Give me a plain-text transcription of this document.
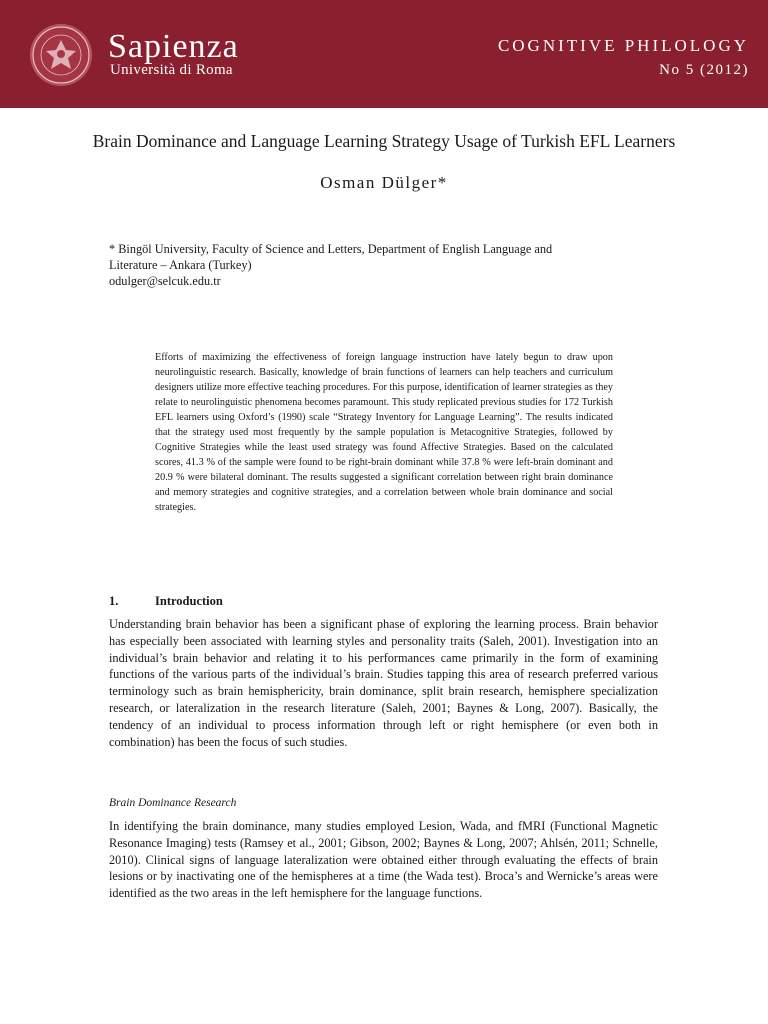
Sapienza
Università di Roma
COGNITIVE PHILOLOGY
No 5 (2012)
Brain Dominance and Language Learning Strategy Usage of Turkish EFL Learners
Osman Dülger*
* Bingöl University, Faculty of Science and Letters, Department of English Language and
Literature – Ankara (Turkey)
odulger@selcuk.edu.tr
Efforts of maximizing the effectiveness of foreign language instruction have lately begun to draw upon neurolinguistic research. Basically, knowledge of brain functions of learners can help teachers and curriculum designers utilize more effective teaching procedures. For this purpose, identification of learner strategies as they relate to neurolinguistic phenomena becomes paramount. This study replicated previous studies for 172 Turkish EFL learners using Oxford’s (1990) scale “Strategy Inventory for Language Learning”. The results indicated that the strategy used most frequently by the sample population is Metacognitive Strategies, followed by Cognitive Strategies while the least used strategy was found Affective Strategies. Based on the calculated scores, 41.3 % of the sample were found to be right-brain dominant while 37.8 % were left-brain dominant and 20.9 % were bilateral dominant. The results suggested a significant correlation between right brain dominance and memory strategies and cognitive strategies, and a correlation between whole brain dominance and social strategies.
1.	Introduction
Understanding brain behavior has been a significant phase of exploring the learning process. Brain behavior has especially been associated with learning styles and personality traits (Saleh, 2001). Investigation into an individual’s brain behavior and relating it to his performances came primarily in the form of examining functions of the various parts of the individual’s brain. Studies tapping this area of research preferred various terminology such as brain hemisphericity, brain dominance, split brain research, hemisphere specialization research, or lateralization in the research literature (Saleh, 2001; Baynes & Long, 2007). Basically, the tendency of an individual to process information through left or right hemisphere (or even both in combination) has been the focus of such studies.
Brain Dominance Research
In identifying the brain dominance, many studies employed Lesion, Wada, and fMRI (Functional Magnetic Resonance Imaging) tests (Ramsey et al., 2001; Gibson, 2002; Baynes & Long, 2007; Ahlsén, 2011; Schnelle, 2010). Clinical signs of language lateralization were obtained either through evaluating the effects of brain lesions or by inactivating one of the hemispheres at a time (the Wada test). Broca’s and Wernicke’s areas were identified as the two areas in the left hemisphere for the language functions.
